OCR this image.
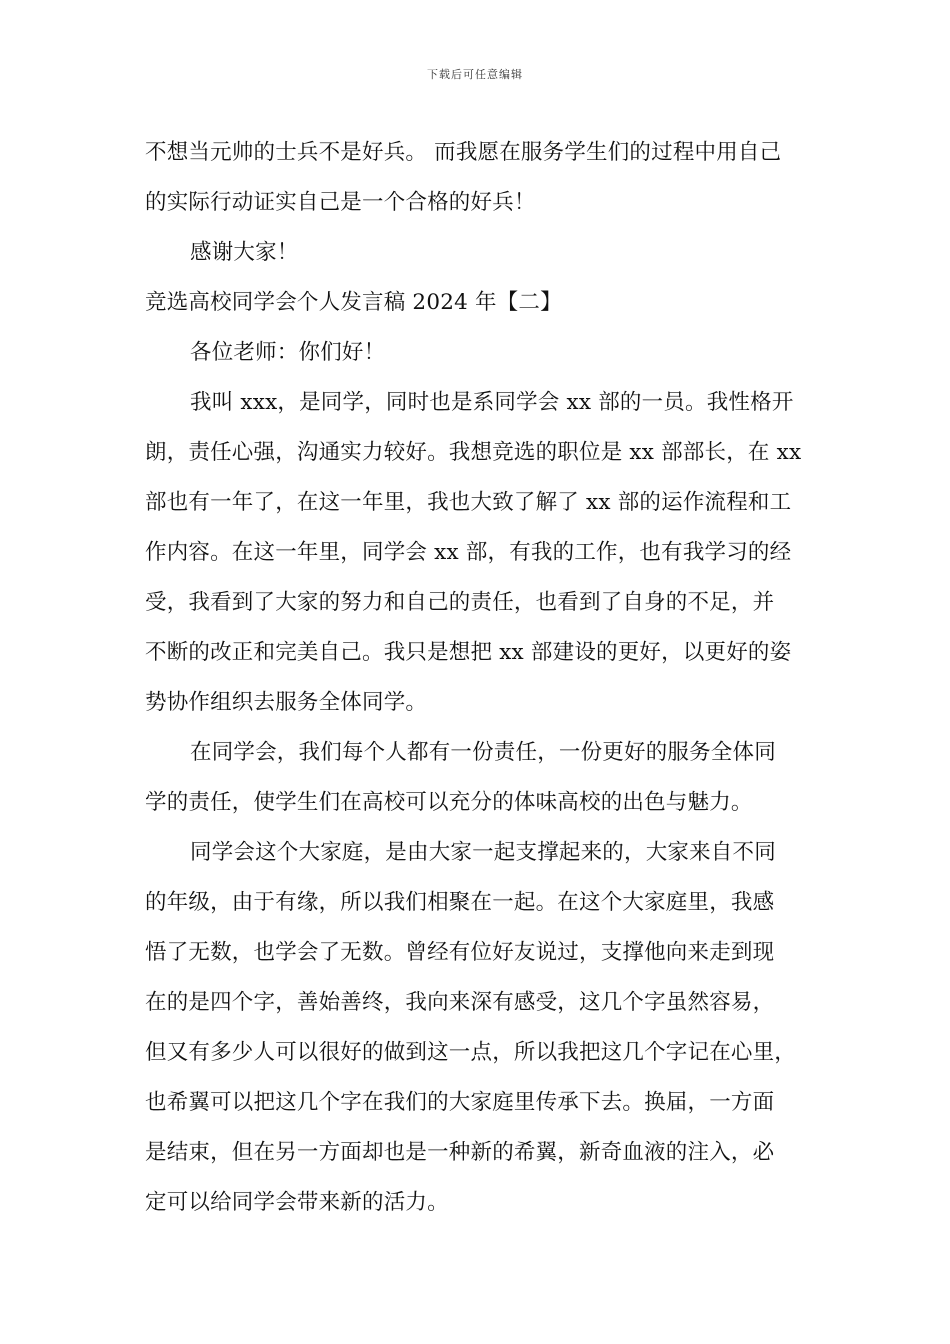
下载后可任意编辑
不想当元帅的士兵不是好兵。 而我愿在服务学生们的过程中用自己
的实际行动证实自己是一个合格的好兵！
感谢大家！
竞选高校同学会个人发言稿 2024 年【二】
各位老师：你们好！
我叫 xxx，是同学，同时也是系同学会 xx 部的一员。我性格开
朗，责任心强，沟通实力较好。我想竞选的职位是 xx 部部长，在 xx
部也有一年了，在这一年里，我也大致了解了 xx 部的运作流程和工
作内容。在这一年里，同学会 xx 部，有我的工作，也有我学习的经
受，我看到了大家的努力和自己的责任，也看到了自身的不足，并
不断的改正和完美自己。我只是想把 xx 部建设的更好，以更好的姿
势协作组织去服务全体同学。
在同学会，我们每个人都有一份责任，一份更好的服务全体同
学的责任，使学生们在高校可以充分的体味高校的出色与魅力。
同学会这个大家庭，是由大家一起支撑起来的，大家来自不同
的年级，由于有缘，所以我们相聚在一起。在这个大家庭里，我感
悟了无数，也学会了无数。曾经有位好友说过，支撑他向来走到现
在的是四个字，善始善终，我向来深有感受，这几个字虽然容易，
但又有多少人可以很好的做到这一点，所以我把这几个字记在心里，
也希翼可以把这几个字在我们的大家庭里传承下去。换届，一方面
是结束，但在另一方面却也是一种新的希翼，新奇血液的注入，必
定可以给同学会带来新的活力。
